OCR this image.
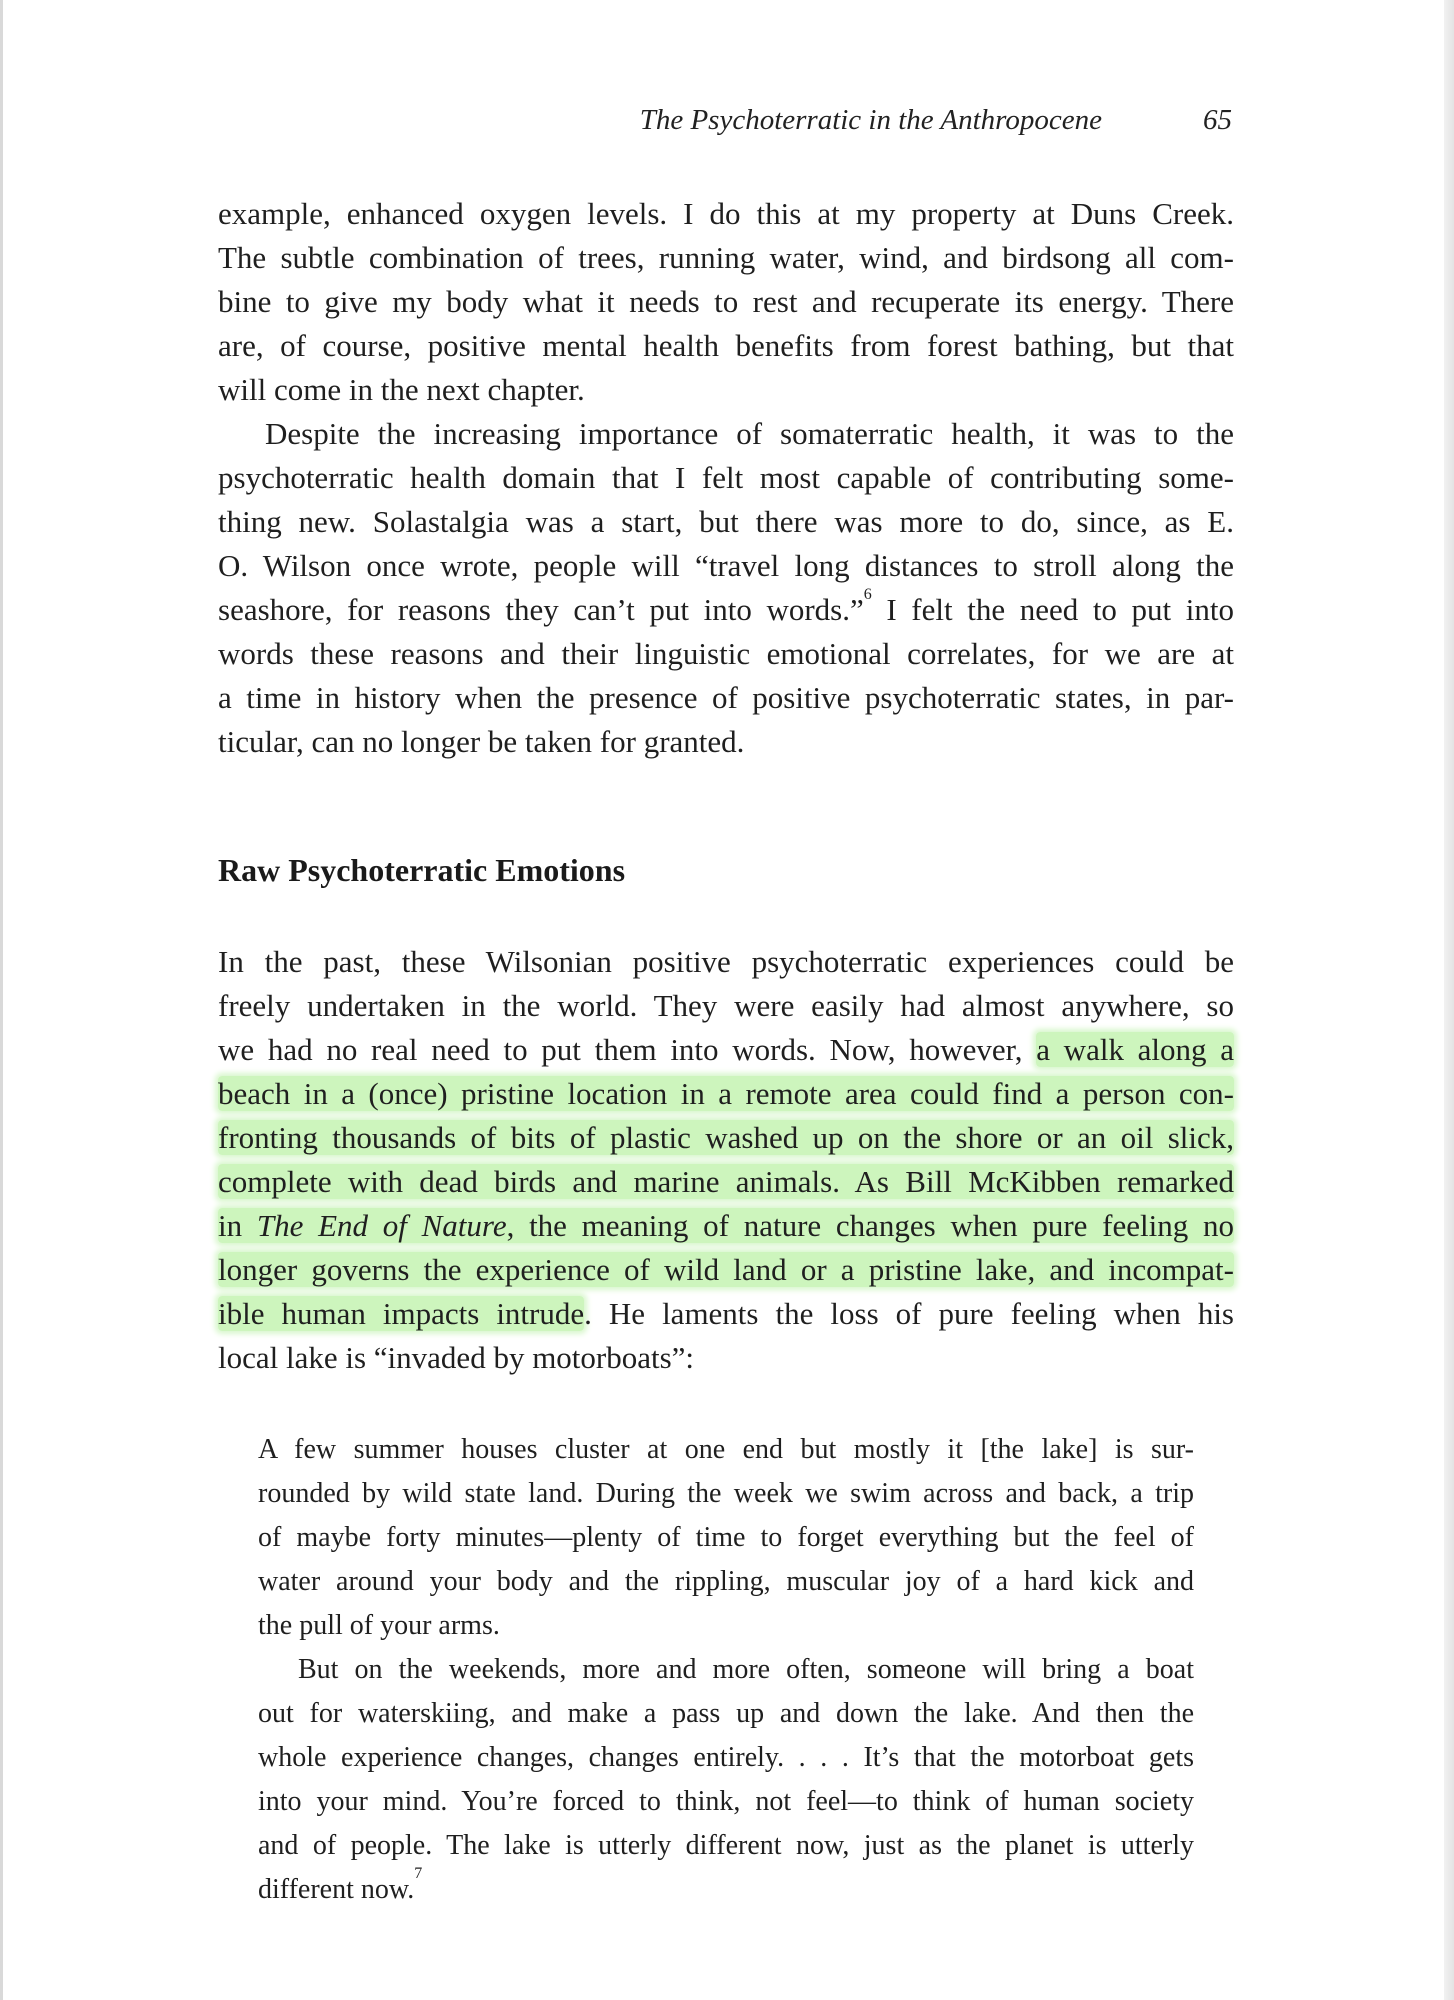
The Psychoterratic in the Anthropocene	65
example, enhanced oxygen levels. I do this at my property at Duns Creek.
The subtle combination of trees, running water, wind, and birdsong all com-
bine to give my body what it needs to rest and recuperate its energy. There
are, of course, positive mental health benefits from forest bathing, but that
will come in the next chapter.
Despite the increasing importance of somaterratic health, it was to the
psychoterratic health domain that I felt most capable of contributing some-
thing new. Solastalgia was a start, but there was more to do, since, as E.
O. Wilson once wrote, people will “travel long distances to stroll along the
seashore, for reasons they can’t put into words.”$^6$ I felt the need to put into
words these reasons and their linguistic emotional correlates, for we are at
a time in history when the presence of positive psychoterratic states, in par-
ticular, can no longer be taken for granted.
Raw Psychoterratic Emotions
In the past, these Wilsonian positive psychoterratic experiences could be
freely undertaken in the world. They were easily had almost anywhere, so
we had no real need to put them into words. Now, however, a walk along a
beach in a (once) pristine location in a remote area could find a person con-
fronting thousands of bits of plastic washed up on the shore or an oil slick,
complete with dead birds and marine animals. As Bill McKibben remarked
in The End of Nature, the meaning of nature changes when pure feeling no
longer governs the experience of wild land or a pristine lake, and incompat-
ible human impacts intrude. He laments the loss of pure feeling when his
local lake is “invaded by motorboats”:
A few summer houses cluster at one end but mostly it [the lake] is sur-
rounded by wild state land. During the week we swim across and back, a trip
of maybe forty minutes—plenty of time to forget everything but the feel of
water around your body and the rippling, muscular joy of a hard kick and
the pull of your arms.
But on the weekends, more and more often, someone will bring a boat
out for waterskiing, and make a pass up and down the lake. And then the
whole experience changes, changes entirely. . . . It’s that the motorboat gets
into your mind. You’re forced to think, not feel—to think of human society
and of people. The lake is utterly different now, just as the planet is utterly
different now.$^7$
